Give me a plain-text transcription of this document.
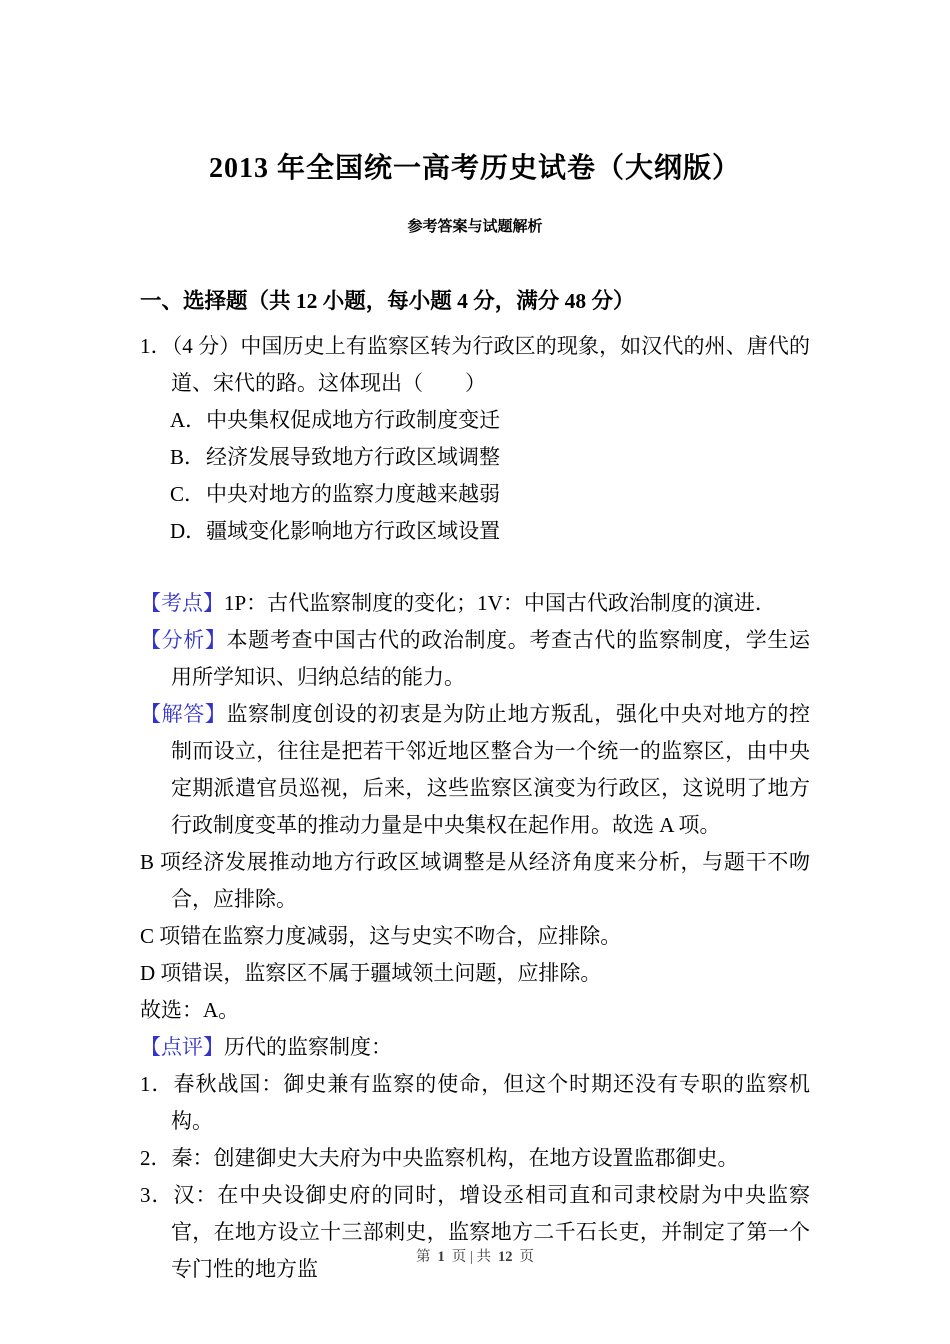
2013 年全国统一高考历史试卷（大纲版）
参考答案与试题解析
一、选择题（共 12 小题，每小题 4 分，满分 48 分）

1．（4 分）中国历史上有监察区转为行政区的现象，如汉代的州、唐代的道、宋代的路。这体现出（　　）

A．中央集权促成地方行政制度变迁

B．经济发展导致地方行政区域调整

C．中央对地方的监察力度越来越弱

D．疆域变化影响地方行政区域设置

【考点】1P：古代监察制度的变化；1V：中国古代政治制度的演进．

【分析】本题考查中国古代的政治制度。考查古代的监察制度，学生运用所学知识、归纳总结的能力。

【解答】监察制度创设的初衷是为防止地方叛乱，强化中央对地方的控制而设立，往往是把若干邻近地区整合为一个统一的监察区，由中央定期派遣官员巡视，后来，这些监察区演变为行政区，这说明了地方行政制度变革的推动力量是中央集权在起作用。故选 A 项。

B 项经济发展推动地方行政区域调整是从经济角度来分析，与题干不吻合，应排除。

C 项错在监察力度减弱，这与史实不吻合，应排除。

D 项错误，监察区不属于疆域领土问题，应排除。

故选：A。

【点评】历代的监察制度：

1．春秋战国：御史兼有监察的使命，但这个时期还没有专职的监察机构。

2．秦：创建御史大夫府为中央监察机构，在地方设置监郡御史。

3．汉：在中央设御史府的同时，增设丞相司直和司隶校尉为中央监察官，在地方设立十三部刺史，监察地方二千石长吏，并制定了第一个专门性的地方监	第 1 页 | 共 12 页
